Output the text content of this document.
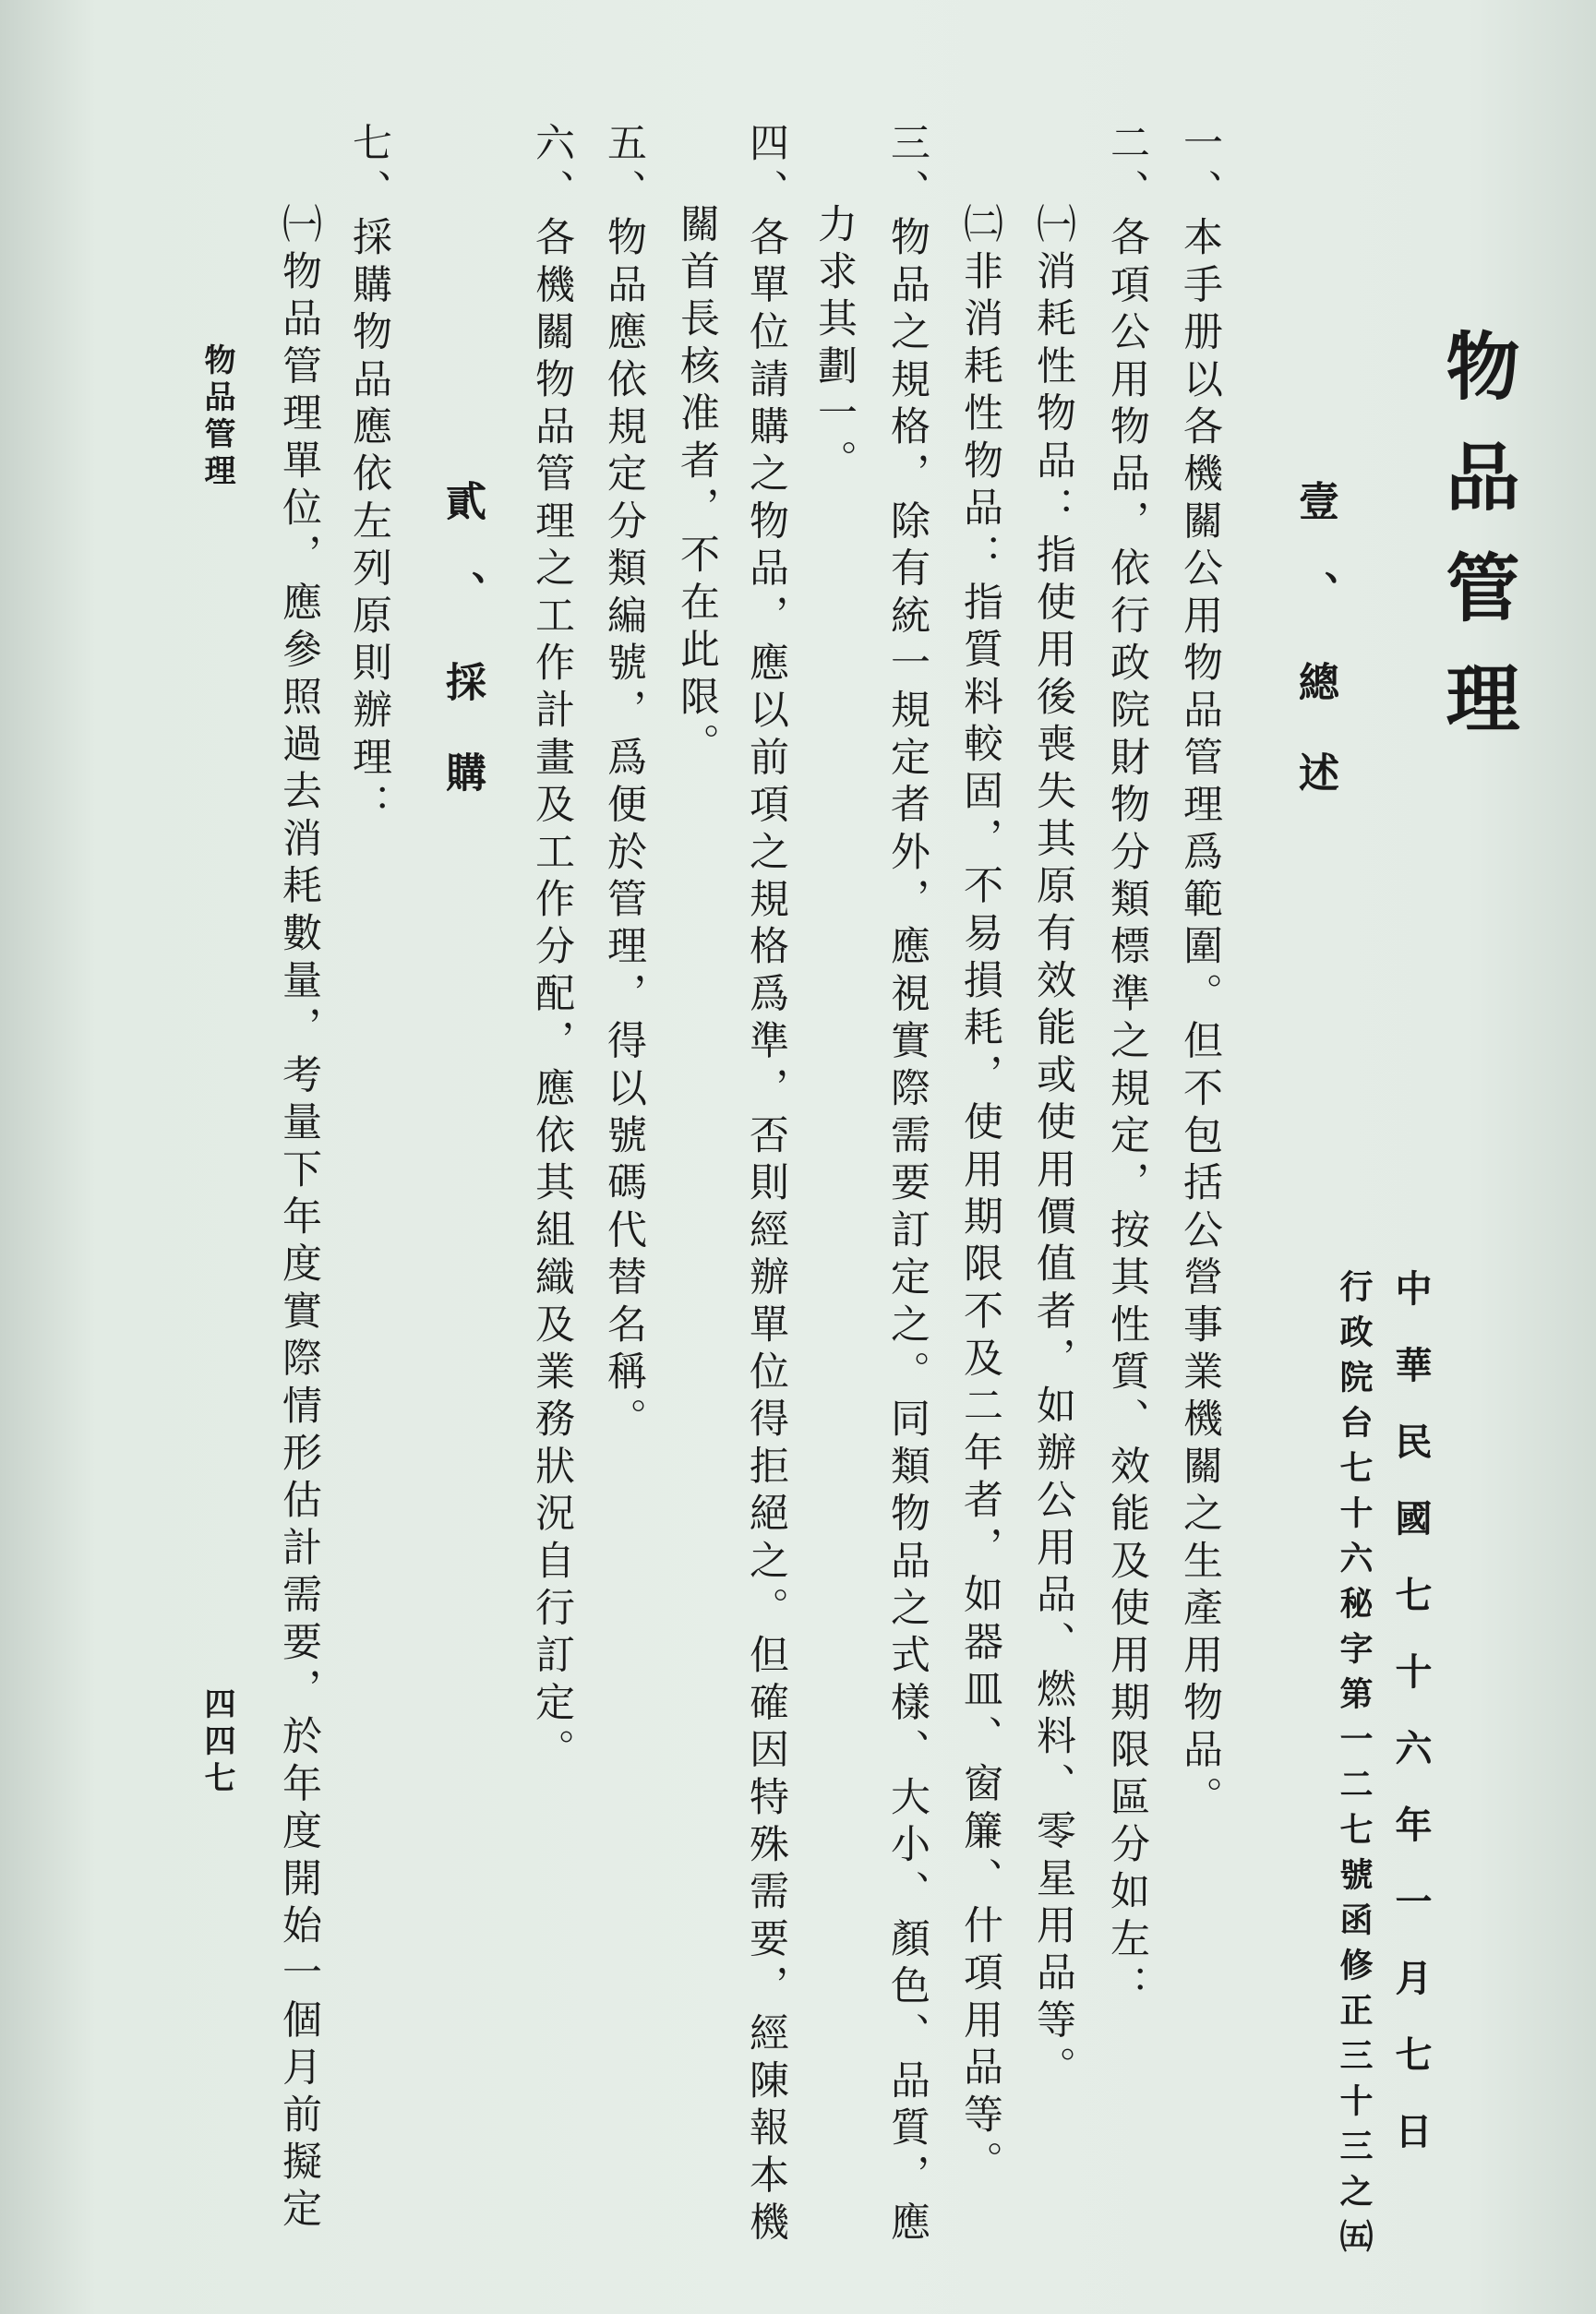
物品管理
中華民國七十六年一月七日
行政院台七十六秘字第一二七號函修正三十三之㈤
壹、總述
一、本手册以各機關公用物品管理爲範圍。但不包括公營事業機關之生產用物品。
二、各項公用物品，依行政院財物分類標準之規定，按其性質、效能及使用期限區分如左：
㈠消耗性物品：指使用後喪失其原有效能或使用價值者，如辦公用品、燃料、零星用品等。
㈡非消耗性物品：指質料較固，不易損耗，使用期限不及二年者，如器皿、窗簾、什項用品等。
三、物品之規格，除有統一規定者外，應視實際需要訂定之。同類物品之式樣、大小、顏色、品質，應
力求其劃一。
四、各單位請購之物品，應以前項之規格爲準，否則經辦單位得拒絕之。但確因特殊需要，經陳報本機
關首長核准者，不在此限。
五、物品應依規定分類編號，爲便於管理，得以號碼代替名稱。
六、各機關物品管理之工作計畫及工作分配，應依其組織及業務狀況自行訂定。
貳、採購
七、採購物品應依左列原則辦理：
㈠物品管理單位，應參照過去消耗數量，考量下年度實際情形估計需要，於年度開始一個月前擬定
物品管理
四四七
